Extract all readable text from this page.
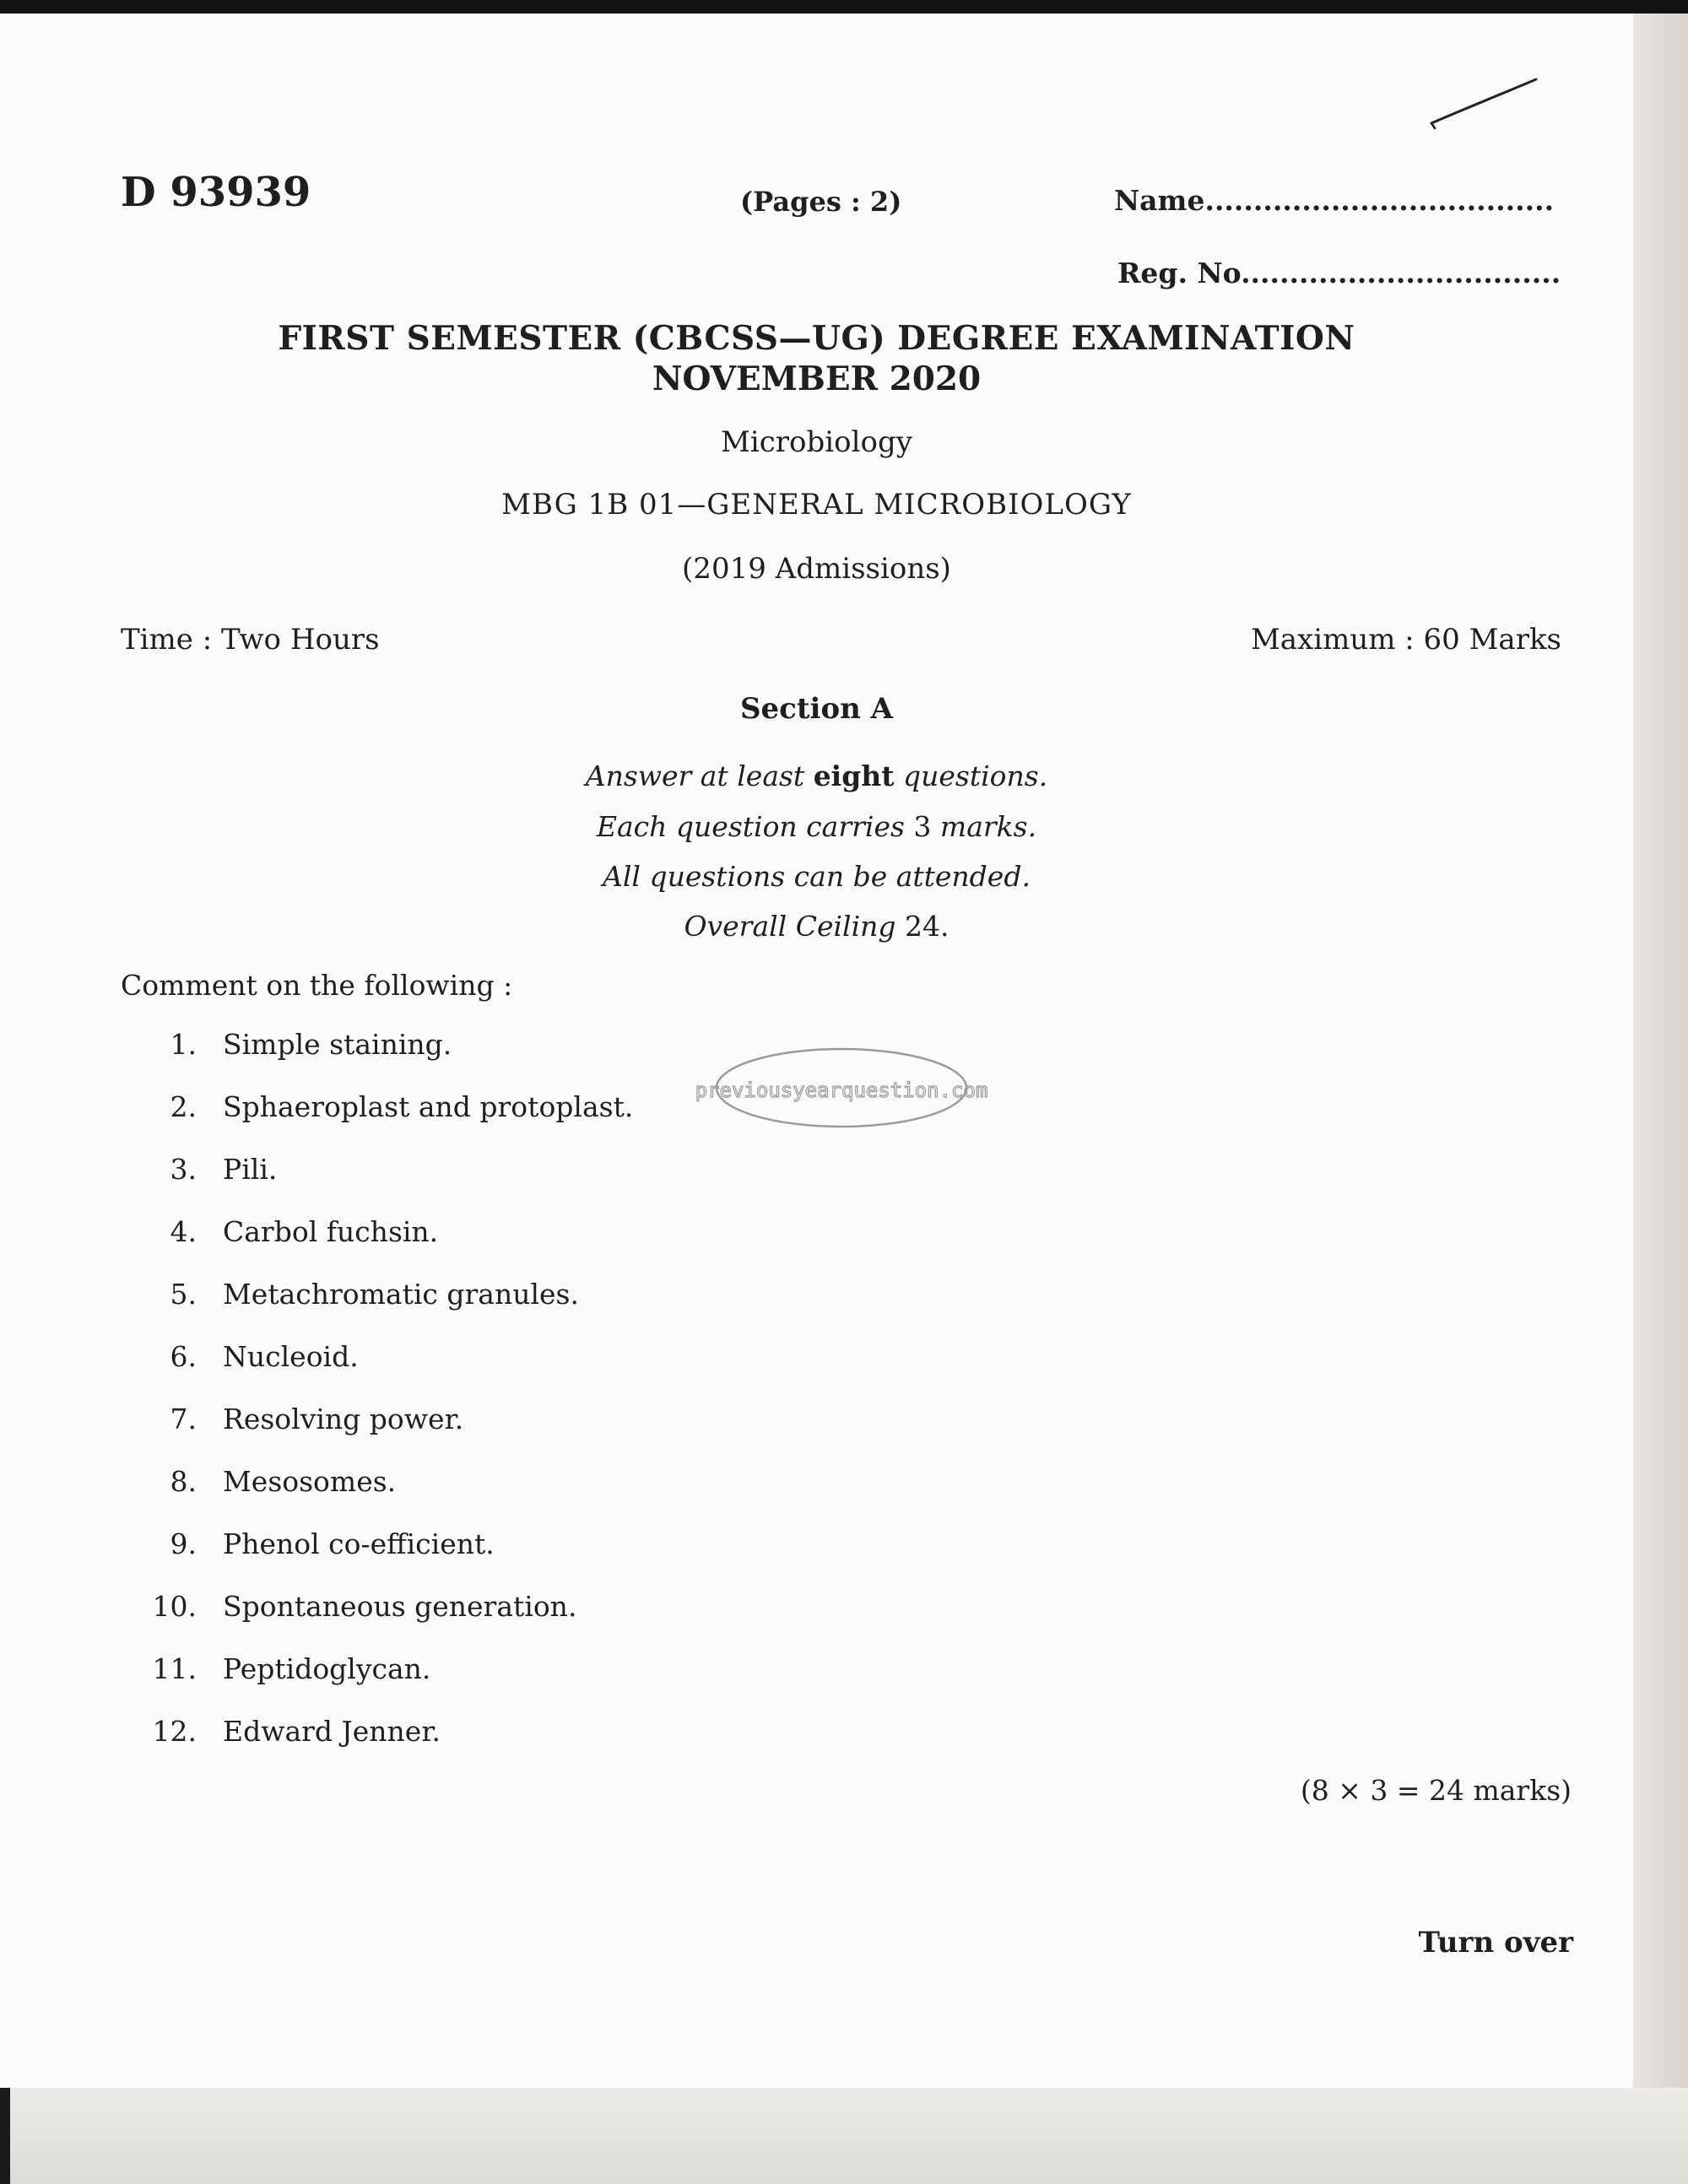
D 93939	(Pages : 2)	Name....................................
Reg. No.................................
FIRST SEMESTER (CBCSS—UG) DEGREE EXAMINATION
NOVEMBER 2020
Microbiology
MBG 1B 01—GENERAL MICROBIOLOGY
(2019 Admissions)
Time : Two Hours	Maximum : 60 Marks
Section A
Answer at least eight questions.
Each question carries 3 marks.
All questions can be attended.
Overall Ceiling 24.
Comment on the following :
1. Simple staining.
2. Sphaeroplast and protoplast.
3. Pili.
4. Carbol fuchsin.
5. Metachromatic granules.
6. Nucleoid.
7. Resolving power.
8. Mesosomes.
9. Phenol co-efficient.
10. Spontaneous generation.
11. Peptidoglycan.
12. Edward Jenner.
previousyearquestion.com
(8 × 3 = 24 marks)
Turn over
